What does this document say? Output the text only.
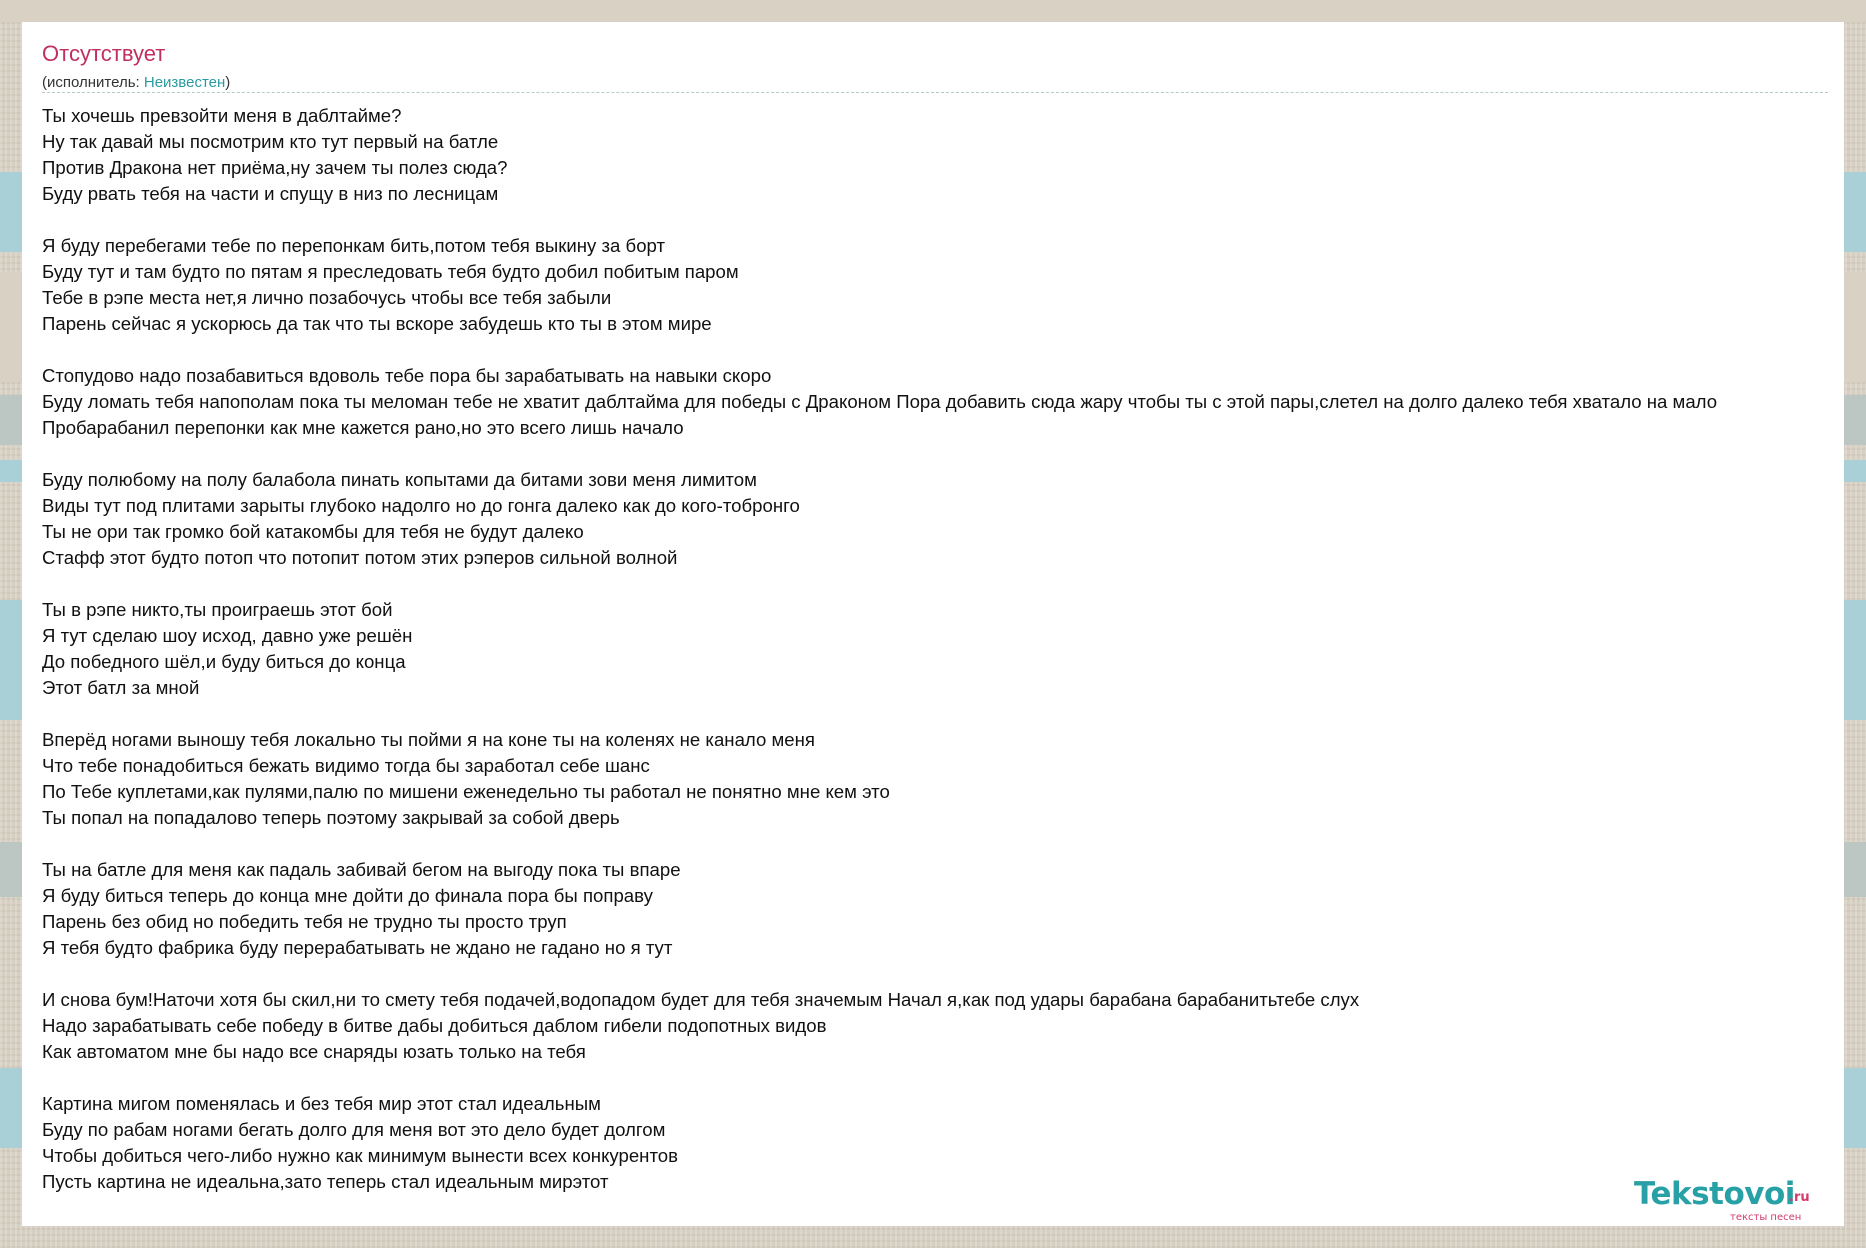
Отсутствует
(исполнитель: Неизвестен)
Ты хочешь превзойти меня в даблтайме?
Ну так давай мы посмотрим кто тут первый на батле
Против Дракона нет приёма,ну зачем ты полез сюда?
Буду рвать тебя на части и спущу в низ по лесницам
Я буду перебегами тебе по перепонкам бить,потом тебя выкину за борт
Буду тут и там будто по пятам я преследовать тебя будто добил побитым паром
Тебе в рэпе места нет,я лично позабочусь чтобы все тебя забыли
Парень сейчас я ускорюсь да так что ты вскоре забудешь кто ты в этом мире
Стопудово надо позабавиться вдоволь тебе пора бы зарабатывать на навыки скоро
Буду ломать тебя напополам пока ты меломан тебе не хватит даблтайма для победы с Драконом Пора добавить сюда жару чтобы ты с этой пары,слетел на долго далеко тебя хватало на мало
Пробарабанил перепонки как мне кажется рано,но это всего лишь начало
Буду полюбому на полу балабола пинать копытами да битами зови меня лимитом
Виды тут под плитами зарыты глубоко надолго но до гонга далеко как до кого-тобронго
Ты не ори так громко бой катакомбы для тебя не будут далеко
Стафф этот будто потоп что потопит потом этих рэперов сильной волной
Ты в рэпе никто,ты проиграешь этот бой
Я тут сделаю шоу исход, давно уже решён
До победного шёл,и буду биться до конца
Этот батл за мной
Вперёд ногами выношу тебя локально ты пойми я на коне ты на коленях не канало меня
Что тебе понадобиться бежать видимо тогда бы заработал себе шанс
По Тебе куплетами,как пулями,палю по мишени еженедельно ты работал не понятно мне кем это
Ты попал на попадалово теперь поэтому закрывай за собой дверь
Ты на батле для меня как падаль забивай бегом на выгоду пока ты впаре
Я буду биться теперь до конца мне дойти до финала пора бы поправу
Парень без обид но победить тебя не трудно ты просто труп
Я тебя будто фабрика буду перерабатывать не ждано не гадано но я тут
И снова бум!Наточи хотя бы скил,ни то смету тебя подачей,водопадом будет для тебя значемым Начал я,как под удары барабана барабанитьтебе слух
Надо зарабатывать себе победу в битве дабы добиться даблом гибели подопотных видов
Как автоматом мне бы надо все снаряды юзать только на тебя
Картина мигом поменялась и без тебя мир этот стал идеальным
Буду по рабам ногами бегать долго для меня вот это дело будет долгом
Чтобы добиться чего-либо нужно как минимум вынести всех конкурентов
Пусть картина не идеальна,зато теперь стал идеальным мирэтот	Tekstovoi
.ru
тексты песен
